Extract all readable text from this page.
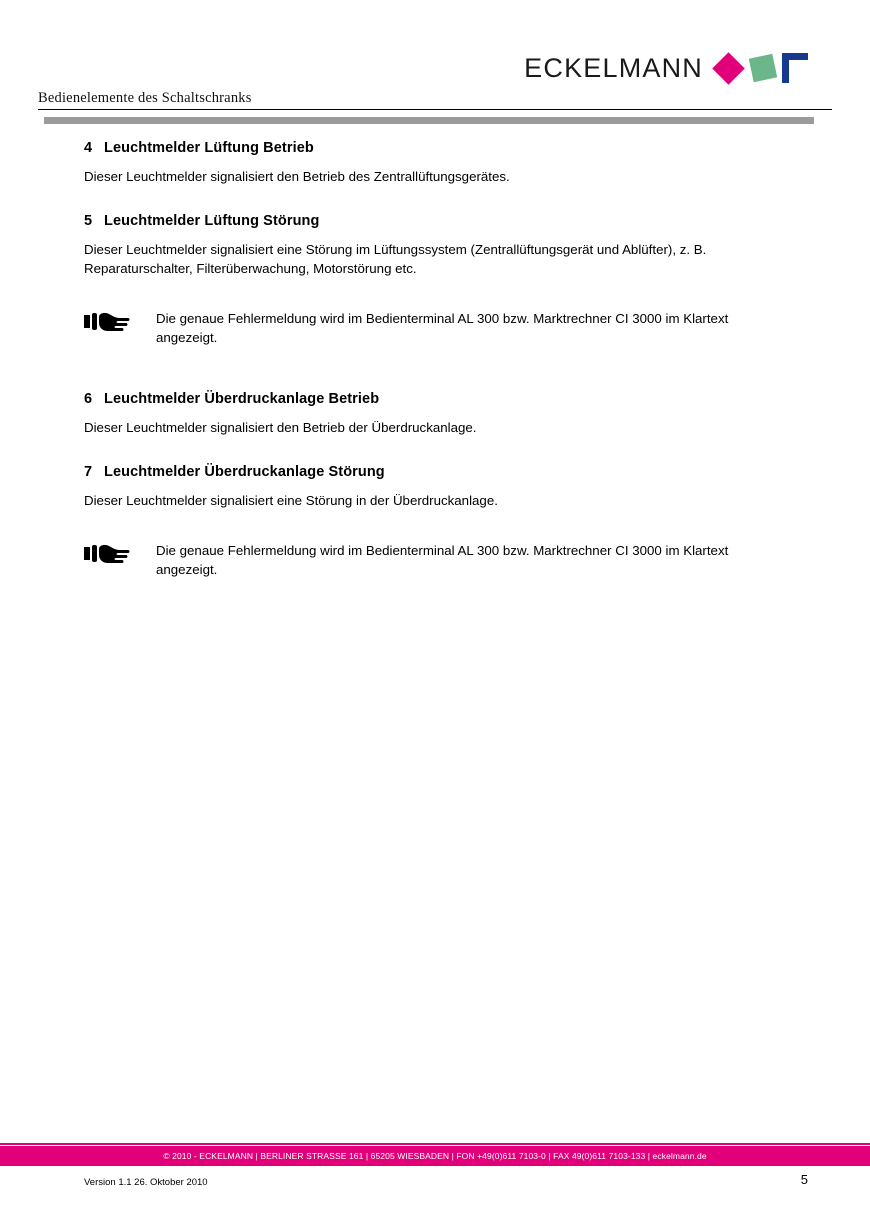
ECKELMANN
Bedienelemente des Schaltschranks
4 Leuchtmelder Lüftung Betrieb

Dieser Leuchtmelder signalisiert den Betrieb des Zentrallüftungsgerätes.

5 Leuchtmelder Lüftung Störung

Dieser Leuchtmelder signalisiert eine Störung im Lüftungssystem (Zentrallüftungsgerät und Ablüfter), z. B. Reparaturschalter, Filterüberwachung, Motorstörung etc.

Die genaue Fehlermeldung wird im Bedienterminal AL 300 bzw. Marktrechner CI 3000 im Klartext angezeigt.
6 Leuchtmelder Überdruckanlage Betrieb

Dieser Leuchtmelder signalisiert den Betrieb der Überdruckanlage.

7 Leuchtmelder Überdruckanlage Störung

Dieser Leuchtmelder signalisiert eine Störung in der Überdruckanlage.

Die genaue Fehlermeldung wird im Bedienterminal AL 300 bzw. Marktrechner CI 3000 im Klartext angezeigt.
© 2010 - ECKELMANN | BERLINER STRASSE 161 | 65205 WIESBADEN | FON +49(0)611 7103-0 | FAX 49(0)611 7103-133 | eckelmann.de
Version 1.1 26. Oktober 2010	5
